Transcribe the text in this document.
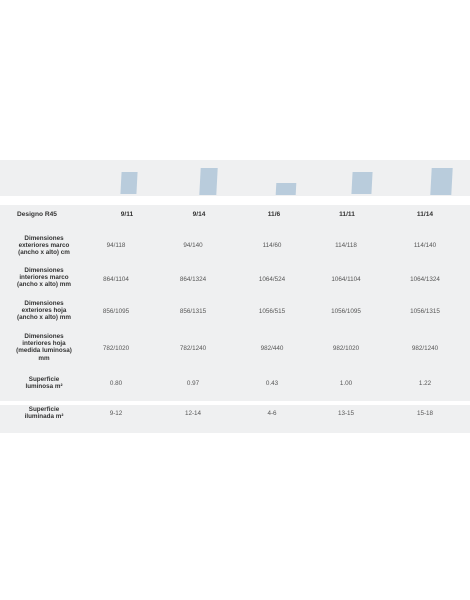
Designo R45	9/11	9/14	11/6	11/11	11/14
Dimensiones
exteriores marco
(ancho x alto) cm
94/118	94/140	114/60	114/118	114/140
Dimensiones
interiores marco
(ancho x alto) mm
864/1104	864/1324	1064/524	1064/1104	1064/1324
Dimensiones
exteriores hoja
(ancho x alto) mm
856/1095	856/1315	1056/515	1056/1095	1056/1315
Dimensiones
interiores hoja
(medida luminosa)
mm
782/1020	782/1240	982/440	982/1020	982/1240
Superficie
luminosa m²	0.80	0.97	0.43	1.00	1.22
Superficie
iluminada m²	9-12	12-14	4-6	13-15	15-18
